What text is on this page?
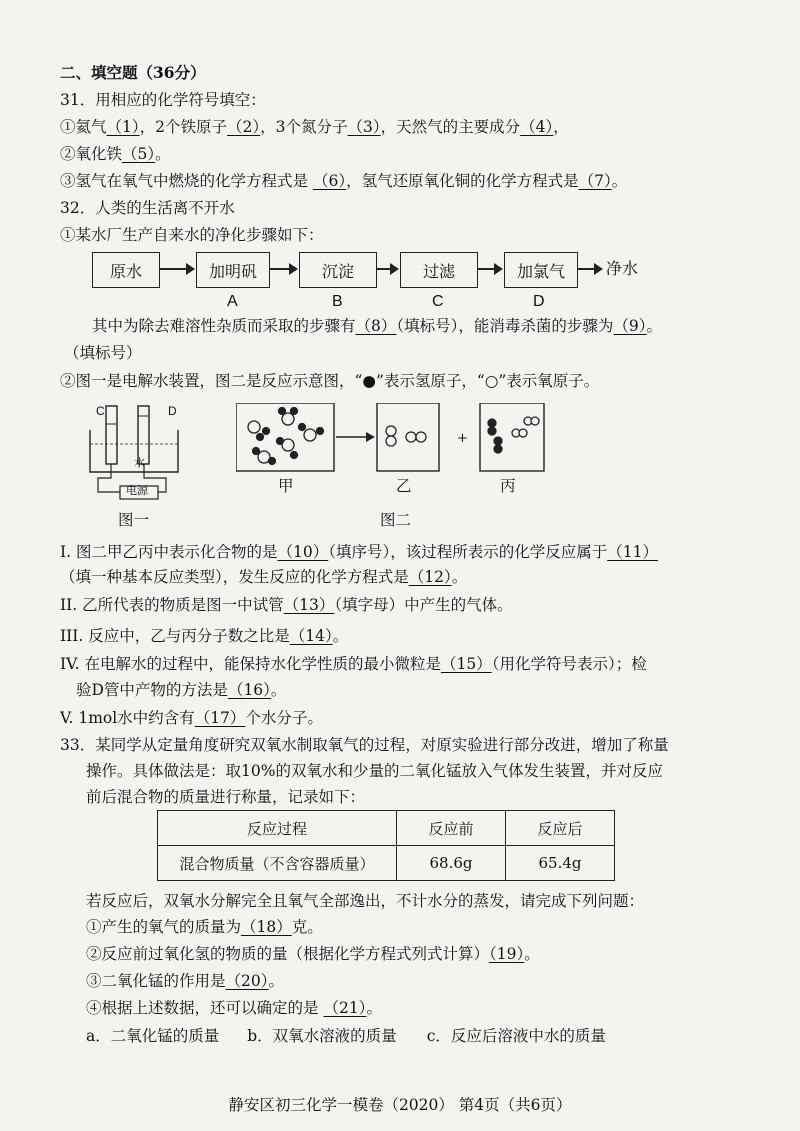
二、填空题（36分）
31．用相应的化学符号填空：
①氦气（1），2个铁原子（2），3个氮分子（3），天然气的主要成分（4），
②氧化铁（5）。
③氢气在氧气中燃烧的化学方程式是 （6），氢气还原氧化铜的化学方程式是（7）。
32．人类的生活离不开水
①某水厂生产自来水的净化步骤如下：
原水	加明矾	沉淀	过滤	加氯气	净水
A	B	C	D
其中为除去难溶性杂质而采取的步骤有（8）（填标号），能消毒杀菌的步骤为（9）。
（填标号）
②图一是电解水装置，图二是反应示意图，“●”表示氢原子，“○”表示氧原子。
C	D
水
电源
+
甲	乙	丙
图一	图二
I. 图二甲乙丙中表示化合物的是（10）（填序号），该过程所表示的化学反应属于（11）
（填一种基本反应类型），发生反应的化学方程式是（12）。
II. 乙所代表的物质是图一中试管（13）（填字母）中产生的气体。
III. 反应中，乙与丙分子数之比是（14）。
IV. 在电解水的过程中，能保持水化学性质的最小微粒是（15）（用化学符号表示）；检
验D管中产物的方法是（16）。
V. 1mol水中约含有（17）个水分子。
33．某同学从定量角度研究双氧水制取氧气的过程，对原实验进行部分改进，增加了称量
操作。具体做法是：取10%的双氧水和少量的二氧化锰放入气体发生装置，并对反应
前后混合物的质量进行称量，记录如下：
反应过程	反应前	反应后
混合物质量（不含容器质量）	68.6g	65.4g
若反应后，双氧水分解完全且氧气全部逸出，不计水分的蒸发，请完成下列问题：
①产生的氧气的质量为（18）克。
②反应前过氧化氢的物质的量（根据化学方程式列式计算）（19）。
③二氧化锰的作用是（20）。
④根据上述数据，还可以确定的是 （21）。
a．二氧化锰的质量 b．双氧水溶液的质量 c．反应后溶液中水的质量
静安区初三化学一模卷（2020） 第4页（共6页）
